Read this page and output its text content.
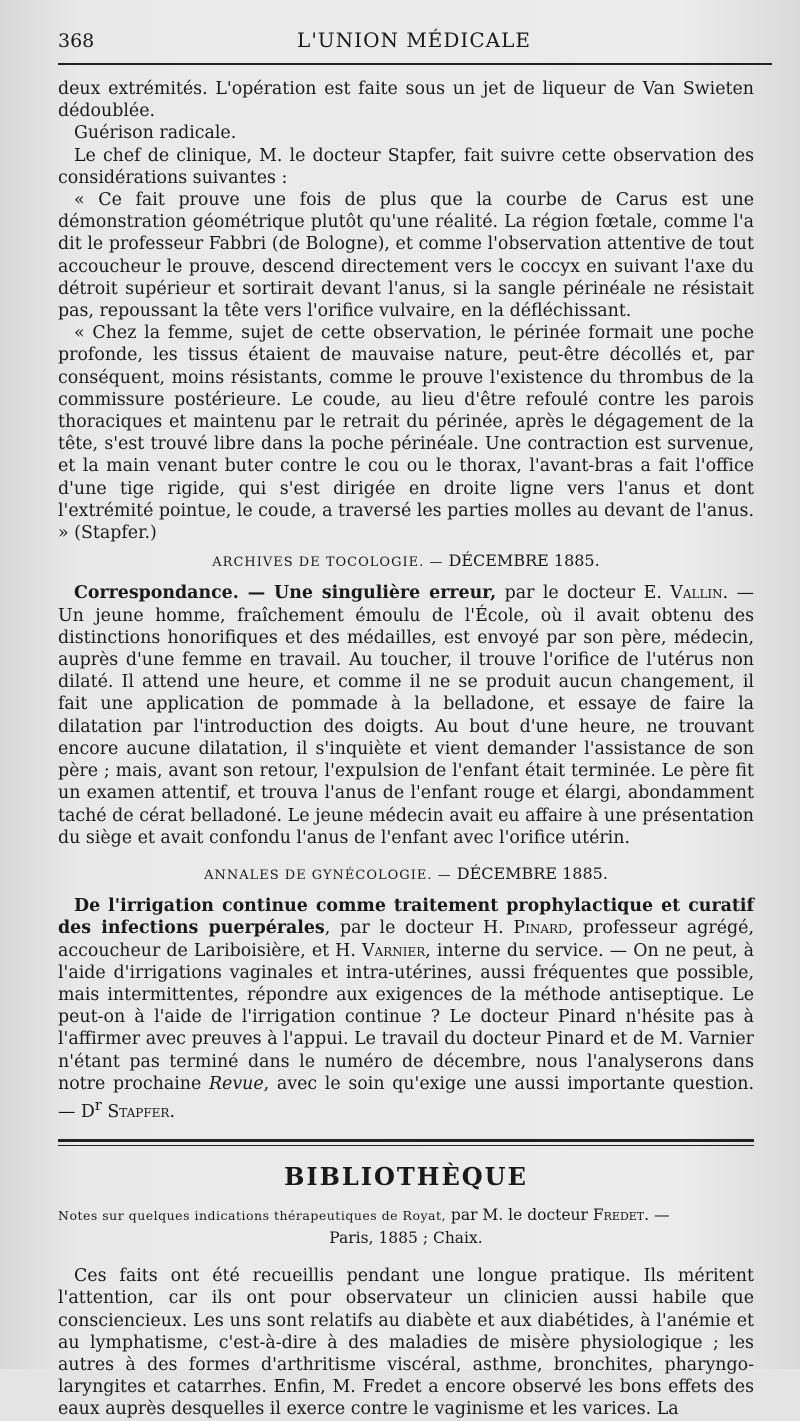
368	L'UNION MÉDICALE

deux extrémités. L'opération est faite sous un jet de liqueur de Van Swieten dédoublée.

Guérison radicale.

Le chef de clinique, M. le docteur Stapfer, fait suivre cette observation des considérations suivantes :

« Ce fait prouve une fois de plus que la courbe de Carus est une démonstration géométrique plutôt qu'une réalité. La région fœtale, comme l'a dit le professeur Fabbri (de Bologne), et comme l'observation attentive de tout accoucheur le prouve, descend directement vers le coccyx en suivant l'axe du détroit supérieur et sortirait devant l'anus, si la sangle périnéale ne résistait pas, repoussant la tête vers l'orifice vulvaire, en la défléchissant.

« Chez la femme, sujet de cette observation, le périnée formait une poche profonde, les tissus étaient de mauvaise nature, peut-être décollés et, par conséquent, moins résistants, comme le prouve l'existence du thrombus de la commissure postérieure. Le coude, au lieu d'être refoulé contre les parois thoraciques et maintenu par le retrait du périnée, après le dégagement de la tête, s'est trouvé libre dans la poche périnéale. Une contraction est survenue, et la main venant buter contre le cou ou le thorax, l'avant-bras a fait l'office d'une tige rigide, qui s'est dirigée en droite ligne vers l'anus et dont l'extrémité pointue, le coude, a traversé les parties molles au devant de l'anus. » (Stapfer.)

ARCHIVES DE TOCOLOGIE. — DÉCEMBRE 1885.

Correspondance. — Une singulière erreur, par le docteur E. Vallin. — Un jeune homme, fraîchement émoulu de l'École, où il avait obtenu des distinctions honorifiques et des médailles, est envoyé par son père, médecin, auprès d'une femme en travail. Au toucher, il trouve l'orifice de l'utérus non dilaté. Il attend une heure, et comme il ne se produit aucun changement, il fait une application de pommade à la belladone, et essaye de faire la dilatation par l'introduction des doigts. Au bout d'une heure, ne trouvant encore aucune dilatation, il s'inquiète et vient demander l'assistance de son père ; mais, avant son retour, l'expulsion de l'enfant était terminée. Le père fit un examen attentif, et trouva l'anus de l'enfant rouge et élargi, abondamment taché de cérat belladoné. Le jeune médecin avait eu affaire à une présentation du siège et avait confondu l'anus de l'enfant avec l'orifice utérin.

ANNALES DE GYNÉCOLOGIE. — DÉCEMBRE 1885.

De l'irrigation continue comme traitement prophylactique et curatif des infections puerpérales, par le docteur H. Pinard, professeur agrégé, accoucheur de Lariboisière, et H. Varnier, interne du service. — On ne peut, à l'aide d'irrigations vaginales et intra-utérines, aussi fréquentes que possible, mais intermittentes, répondre aux exigences de la méthode antiseptique. Le peut-on à l'aide de l'irrigation continue ? Le docteur Pinard n'hésite pas à l'affirmer avec preuves à l'appui. Le travail du docteur Pinard et de M. Varnier n'étant pas terminé dans le numéro de décembre, nous l'analyserons dans notre prochaine Revue, avec le soin qu'exige une aussi importante question. — $D^r$ Stapfer.

BIBLIOTHÈQUE
Notes sur quelques indications thérapeutiques de Royat, par M. le docteur Fredet. —
Paris, 1885 ; Chaix.

Ces faits ont été recueillis pendant une longue pratique. Ils méritent l'attention, car ils ont pour observateur un clinicien aussi habile que consciencieux. Les uns sont relatifs au diabète et aux diabétides, à l'anémie et au lymphatisme, c'est-à-dire à des maladies de misère physiologique ; les autres à des formes d'arthritisme viscéral, asthme, bronchites, pharyngo-laryngites et catarrhes. Enfin, M. Fredet a encore observé les bons effets des eaux auprès desquelles il exerce contre le vaginisme et les varices. La
